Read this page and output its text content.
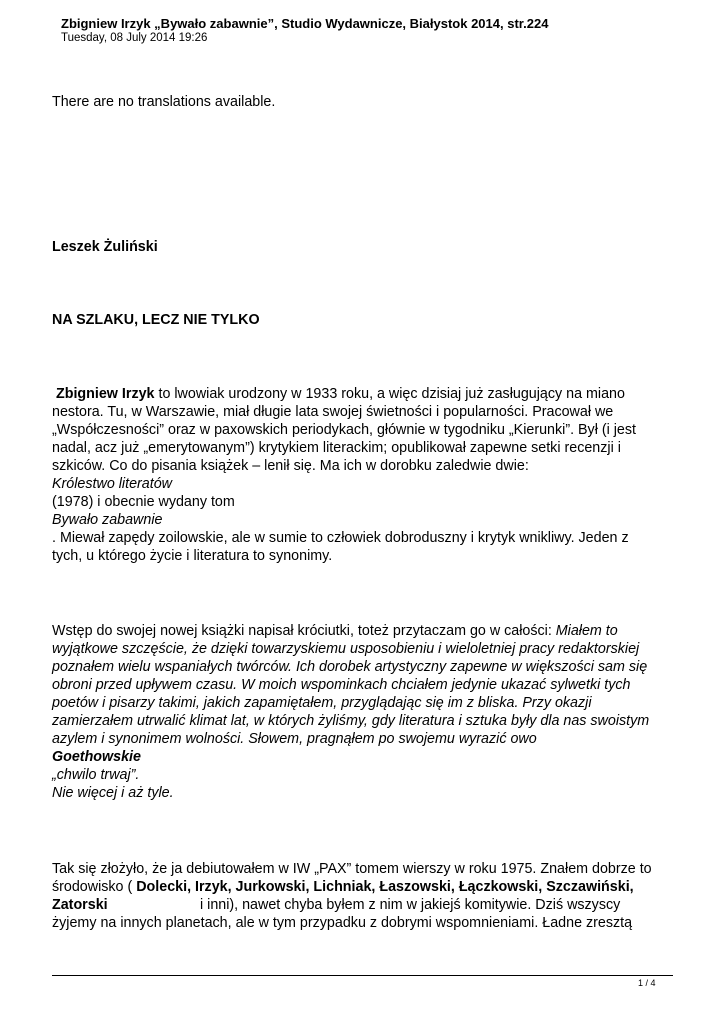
Zbigniew Irzyk „Bywało zabawnie”, Studio Wydawnicze, Białystok 2014, str.224
Tuesday, 08 July 2014 19:26
There are no translations available.
Leszek Żuliński
NA SZLAKU, LECZ NIE TYLKO
Zbigniew Irzyk to lwowiak urodzony w 1933 roku, a więc dzisiaj już zasługujący na miano
nestora. Tu, w Warszawie, miał długie lata swojej świetności i popularności. Pracował we
„Współczesności” oraz w paxowskich periodykach, głównie w tygodniku „Kierunki”. Był (i jest
nadal, acz już „emerytowanym”) krytykiem literackim; opublikował zapewne setki recenzji i
szkiców. Co do pisania książek – lenił się. Ma ich w dorobku zaledwie dwie:
Królestwo literatów
(1978) i obecnie wydany tom
Bywało zabawnie
. Miewał zapędy zoilowskie, ale w sumie to człowiek dobroduszny i krytyk wnikliwy. Jeden z
tych, u którego życie i literatura to synonimy.
Wstęp do swojej nowej książki napisał króciutki, toteż przytaczam go w całości: Miałem to
wyjątkowe szczęście, że dzięki towarzyskiemu usposobieniu i wieloletniej pracy redaktorskiej
poznałem wielu wspaniałych twórców. Ich dorobek artystyczny zapewne w większości sam się
obroni przed upływem czasu. W moich wspominkach chciałem jedynie ukazać sylwetki tych
poetów i pisarzy takimi, jakich zapamiętałem, przyglądając się im z bliska. Przy okazji
zamierzałem utrwalić klimat lat, w których żyliśmy, gdy literatura i sztuka były dla nas swoistym
azylem i synonimem wolności. Słowem, pragnąłem po swojemu wyrazić owo
Goethowskie
„chwilo trwaj”.
Nie więcej i aż tyle.
Tak się złożyło, że ja debiutowałem w IW „PAX” tomem wierszy w roku 1975. Znałem dobrze to
środowisko ( Dolecki, Irzyk, Jurkowski, Lichniak, Łaszowski, Łączkowski, Szczawiński,
Zatorski	i inni), nawet chyba byłem z nim w jakiejś komitywie. Dziś wszyscy
żyjemy na innych planetach, ale w tym przypadku z dobrymi wspomnieniami. Ładne zresztą
1 / 4
